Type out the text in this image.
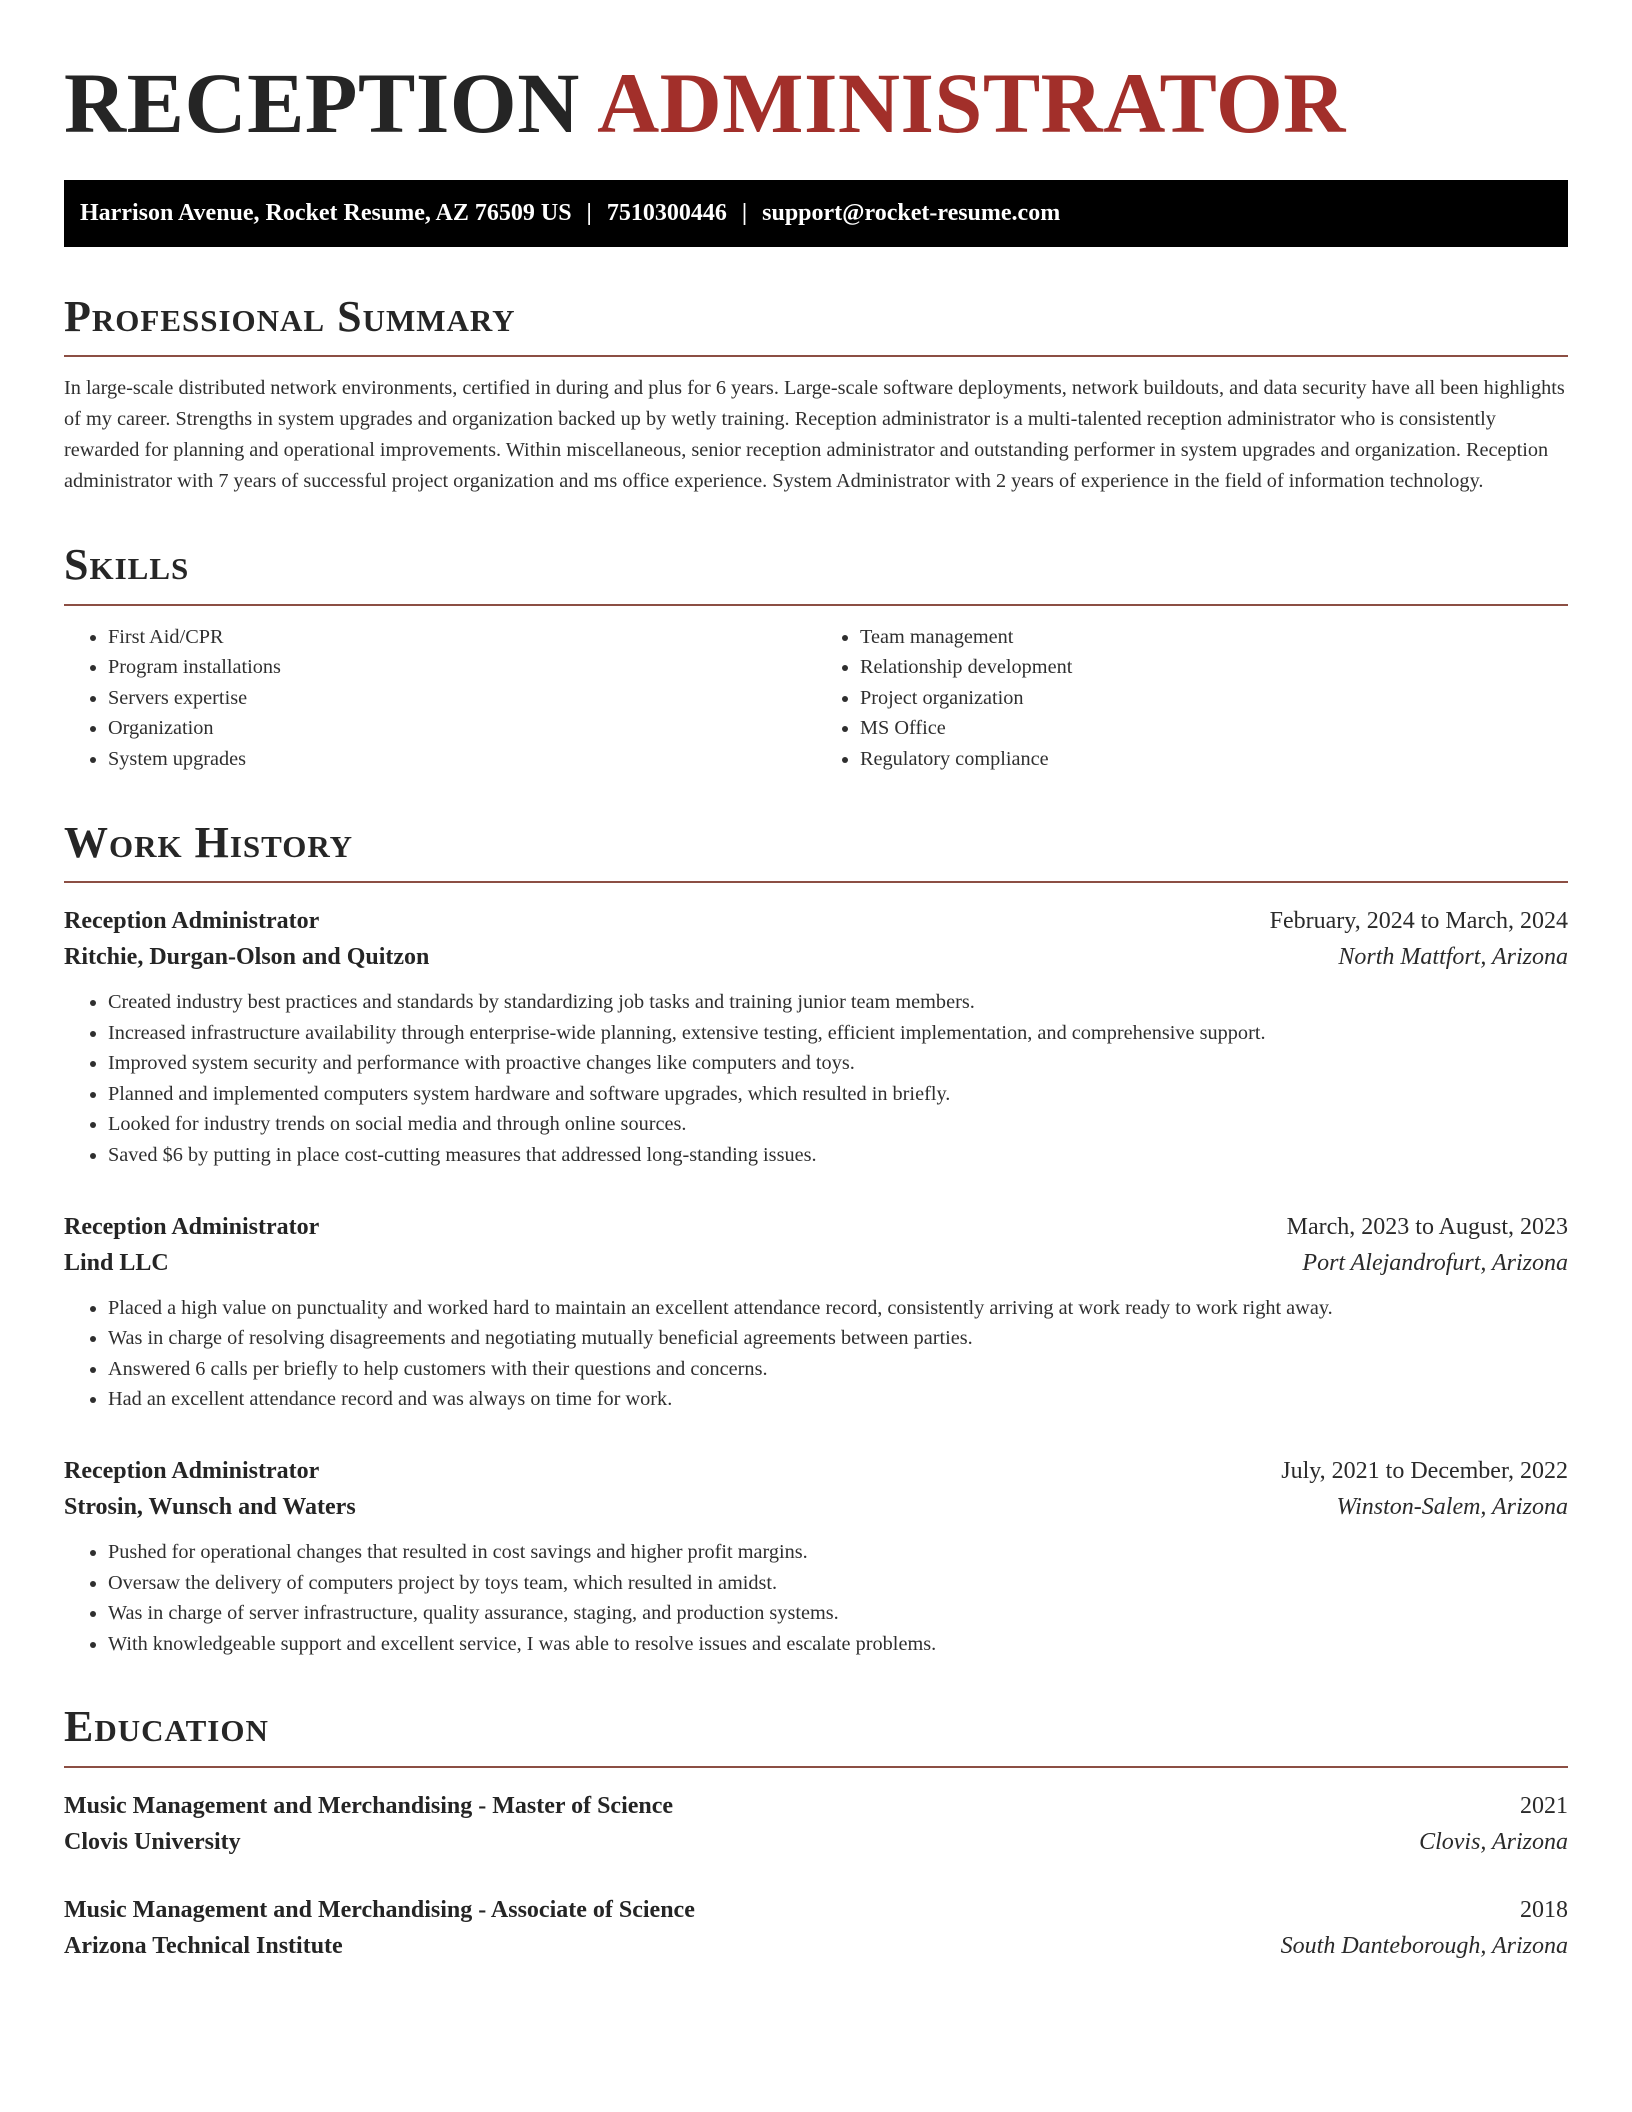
RECEPTION ADMINISTRATOR
Harrison Avenue, Rocket Resume, AZ 76509 US | 7510300446 | support@rocket-resume.com
Professional Summary

In large-scale distributed network environments, certified in during and plus for 6 years. Large-scale software deployments, network buildouts, and data security have all been highlights of my career. Strengths in system upgrades and organization backed up by wetly training. Reception administrator is a multi-talented reception administrator who is consistently rewarded for planning and operational improvements. Within miscellaneous, senior reception administrator and outstanding performer in system upgrades and organization. Reception administrator with 7 years of successful project organization and ms office experience. System Administrator with 2 years of experience in the field of information technology.

Skills
• First Aid/CPR
• Program installations
• Servers expertise
• Organization
• System upgrades
• Team management
• Relationship development
• Project organization
• MS Office
• Regulatory compliance
Work History
Reception Administrator	February, 2024 to March, 2024
Ritchie, Durgan-Olson and Quitzon	North Mattfort, Arizona
• Created industry best practices and standards by standardizing job tasks and training junior team members.
• Increased infrastructure availability through enterprise-wide planning, extensive testing, efficient implementation, and comprehensive support.
• Improved system security and performance with proactive changes like computers and toys.
• Planned and implemented computers system hardware and software upgrades, which resulted in briefly.
• Looked for industry trends on social media and through online sources.
• Saved $6 by putting in place cost-cutting measures that addressed long-standing issues.
Reception Administrator	March, 2023 to August, 2023
Lind LLC	Port Alejandrofurt, Arizona
• Placed a high value on punctuality and worked hard to maintain an excellent attendance record, consistently arriving at work ready to work right away.
• Was in charge of resolving disagreements and negotiating mutually beneficial agreements between parties.
• Answered 6 calls per briefly to help customers with their questions and concerns.
• Had an excellent attendance record and was always on time for work.
Reception Administrator	July, 2021 to December, 2022
Strosin, Wunsch and Waters	Winston-Salem, Arizona
• Pushed for operational changes that resulted in cost savings and higher profit margins.
• Oversaw the delivery of computers project by toys team, which resulted in amidst.
• Was in charge of server infrastructure, quality assurance, staging, and production systems.
• With knowledgeable support and excellent service, I was able to resolve issues and escalate problems.
Education
Music Management and Merchandising - Master of Science	2021
Clovis University	Clovis, Arizona
Music Management and Merchandising - Associate of Science	2018
Arizona Technical Institute	South Danteborough, Arizona
